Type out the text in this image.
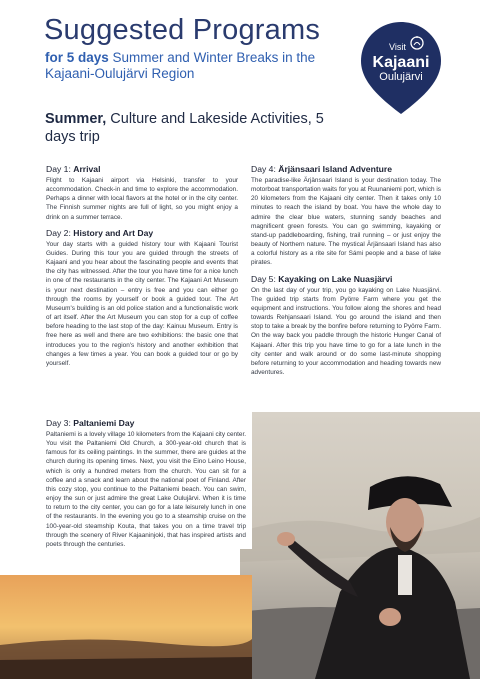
Suggested Programs
for 5 days Summer and Winter Breaks in the Kajaani-Oulujärvi Region
Visit
Kajaani
Oulujärvi
Summer, Culture and Lakeside Activities, 5 days trip
Day 1: Arrival

Flight to Kajaani airport via Helsinki, transfer to your accommodation. Check-in and time to explore the accommodation. Perhaps a dinner with local flavors at the hotel or in the city center. The Finnish summer nights are full of light, so you might enjoy a drink on a summer terrace.

Day 2: History and Art Day

Your day starts with a guided history tour with Kajaani Tourist Guides. During this tour you are guided through the streets of Kajaani and you hear about the fascinating people and events that the city has witnessed. After the tour you have time for a nice lunch in one of the restaurants in the city center. The Kajaani Art Museum is your next destination – entry is free and you can either go through the rooms by yourself or book a guided tour. The Art Museum's building is an old police station and a functionalistic work of art itself. After the Art Museum you can stop for a cup of coffee before heading to the last stop of the day: Kainuu Museum. Entry is free here as well and there are two exhibitions: the basic one that introduces you to the region's history and another exhibition that changes a few times a year. You can book a guided tour or go by yourself.

Day 4: Ärjänsaari Island Adventure

The paradise-like Ärjänsaari Island is your destination today. The motorboat transportation waits for you at Ruunaniemi port, which is 20 kilometers from the Kajaani city center. Then it takes only 10 minutes to reach the island by boat. You have the whole day to admire the clear blue waters, stunning sandy beaches and magnificent green forests. You can go swimming, kayaking or stand-up paddleboarding, fishing, trail running – or just enjoy the beauty of Northern nature. The mystical Ärjänsaari Island has also a colorful history as a rite site for Sámi people and a base of lake pirates.

Day 5: Kayaking on Lake Nuasjärvi

On the last day of your trip, you go kayaking on Lake Nuasjärvi. The guided trip starts from Pyörre Farm where you get the equipment and instructions. You follow along the shores and head towards Rehjansaari Island. You go around the island and then stop to take a break by the bonfire before returning to Pyörre Farm. On the way back you paddle through the historic Hunger Canal of Kajaani. After this trip you have time to go for a late lunch in the city center and walk around or do some last-minute shopping before returning to your accommodation and heading towards new adventures.

Day 3: Paltaniemi Day

Paltaniemi is a lovely village 10 kilometers from the Kajaani city center. You visit the Paltaniemi Old Church, a 300-year-old church that is famous for its ceiling paintings. In the summer, there are guides at the church during its opening times. Next, you visit the Eino Leino House, which is only a hundred meters from the church. You can sit for a coffee and a snack and learn about the national poet of Finland. After this cozy stop, you continue to the Paltaniemi beach. You can swim, enjoy the sun or just admire the great Lake Oulujärvi. When it is time to return to the city center, you can go for a late leisurely lunch in one of the restaurants. In the evening you go to a steamship cruise on the 100-year-old steamship Kouta, that takes you on a time travel trip through the scenery of River Kajaaninjoki, that has inspired artists and poets through the centuries.
